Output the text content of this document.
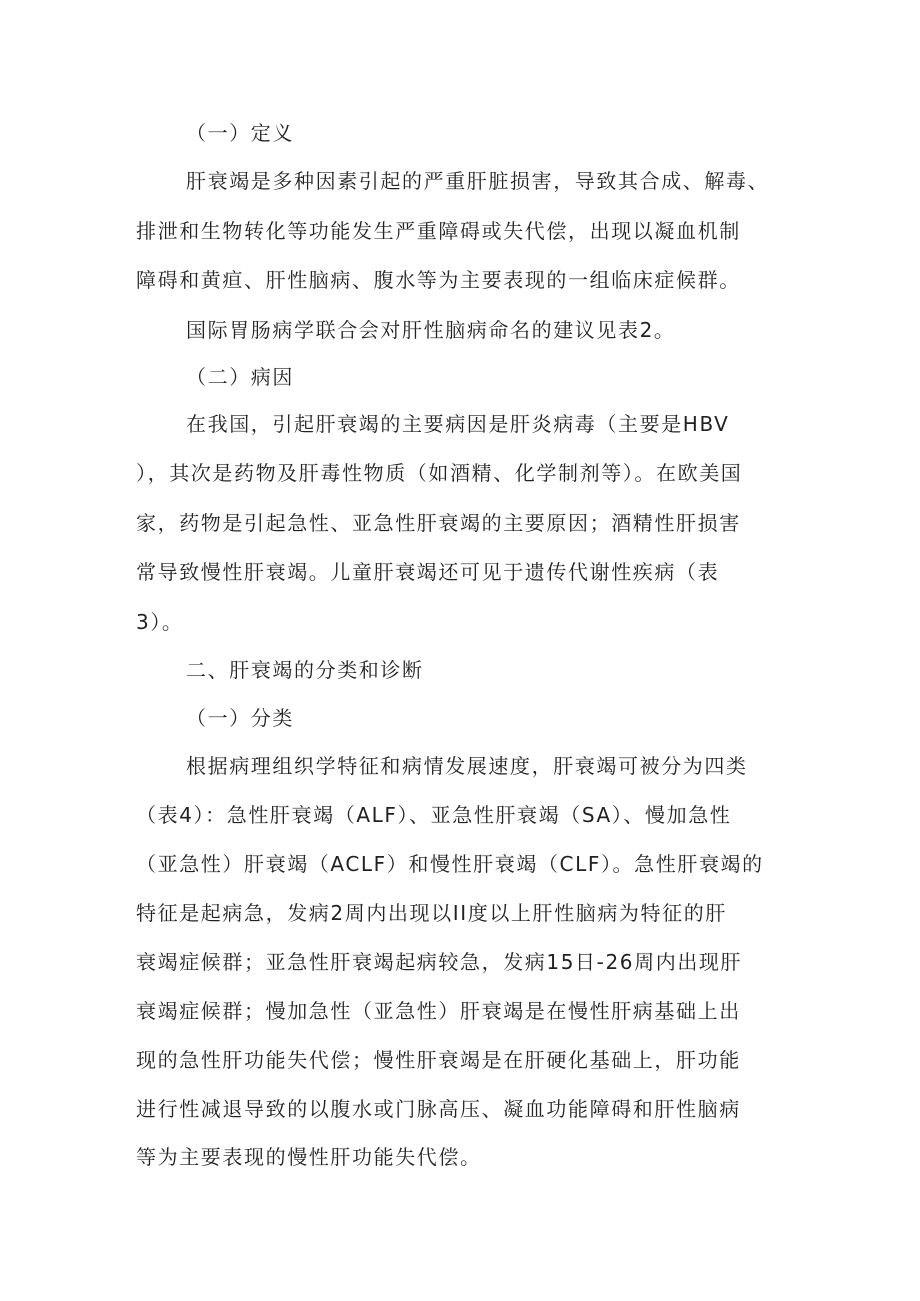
（一）定义
肝衰竭是多种因素引起的严重肝脏损害，导致其合成、解毒、
排泄和生物转化等功能发生严重障碍或失代偿，出现以凝血机制
障碍和黄疸、肝性脑病、腹水等为主要表现的一组临床症候群。
国际胃肠病学联合会对肝性脑病命名的建议见表2。
（二）病因
在我国，引起肝衰竭的主要病因是肝炎病毒（主要是HBV
），其次是药物及肝毒性物质（如酒精、化学制剂等）。在欧美国
家，药物是引起急性、亚急性肝衰竭的主要原因；酒精性肝损害
常导致慢性肝衰竭。儿童肝衰竭还可见于遗传代谢性疾病（表
3）。
二、肝衰竭的分类和诊断
（一）分类
根据病理组织学特征和病情发展速度，肝衰竭可被分为四类
（表4）：急性肝衰竭（ALF）、亚急性肝衰竭（SA）、慢加急性
（亚急性）肝衰竭（ACLF）和慢性肝衰竭（CLF）。急性肝衰竭的
特征是起病急，发病2周内出现以II度以上肝性脑病为特征的肝
衰竭症候群；亚急性肝衰竭起病较急，发病15日-26周内出现肝
衰竭症候群；慢加急性（亚急性）肝衰竭是在慢性肝病基础上出
现的急性肝功能失代偿；慢性肝衰竭是在肝硬化基础上，肝功能
进行性减退导致的以腹水或门脉高压、凝血功能障碍和肝性脑病
等为主要表现的慢性肝功能失代偿。
